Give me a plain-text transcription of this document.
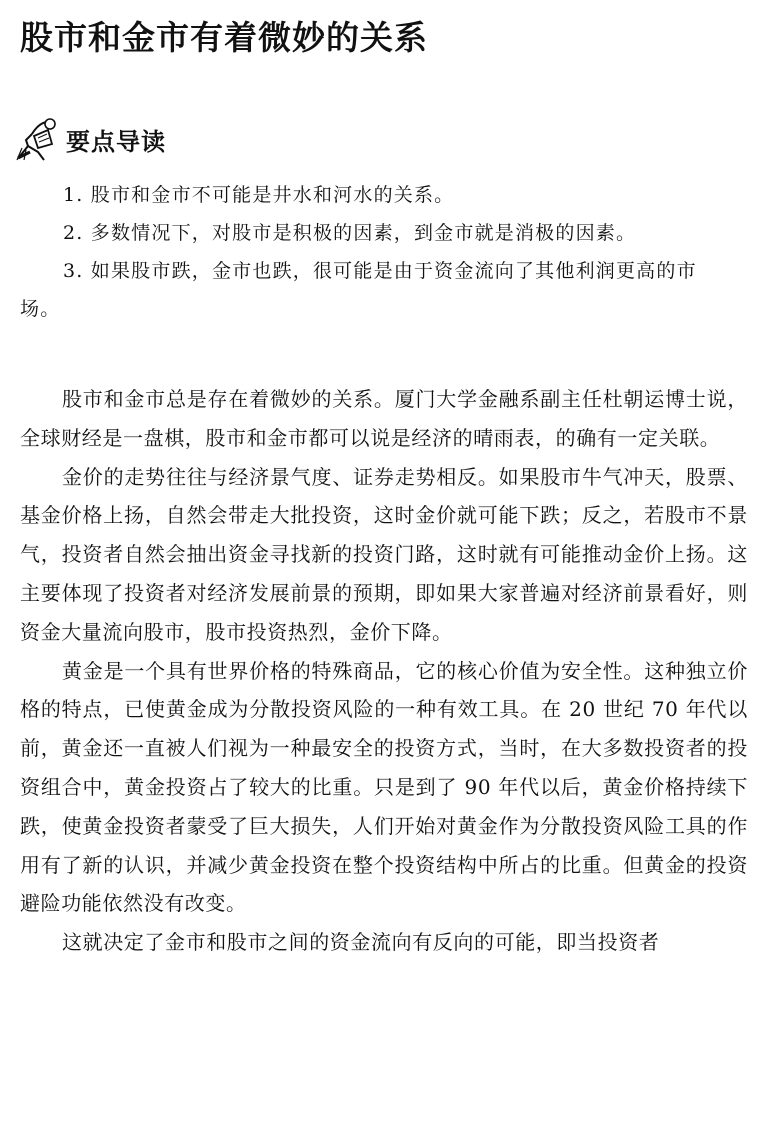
股市和金市有着微妙的关系
要点导读
1. 股市和金市不可能是井水和河水的关系。
2. 多数情况下，对股市是积极的因素，到金市就是消极的因素。
3. 如果股市跌，金市也跌，很可能是由于资金流向了其他利润更高的市场。

股市和金市总是存在着微妙的关系。厦门大学金融系副主任杜朝运博士说，全球财经是一盘棋，股市和金市都可以说是经济的晴雨表，的确有一定关联。

金价的走势往往与经济景气度、证券走势相反。如果股市牛气冲天，股票、基金价格上扬，自然会带走大批投资，这时金价就可能下跌；反之，若股市不景气，投资者自然会抽出资金寻找新的投资门路，这时就有可能推动金价上扬。这主要体现了投资者对经济发展前景的预期，即如果大家普遍对经济前景看好，则资金大量流向股市，股市投资热烈，金价下降。

黄金是一个具有世界价格的特殊商品，它的核心价值为安全性。这种独立价格的特点，已使黄金成为分散投资风险的一种有效工具。在 20 世纪 70 年代以前，黄金还一直被人们视为一种最安全的投资方式，当时，在大多数投资者的投资组合中，黄金投资占了较大的比重。只是到了 90 年代以后，黄金价格持续下跌，使黄金投资者蒙受了巨大损失，人们开始对黄金作为分散投资风险工具的作用有了新的认识，并减少黄金投资在整个投资结构中所占的比重。但黄金的投资避险功能依然没有改变。

这就决定了金市和股市之间的资金流向有反向的可能，即当投资者
